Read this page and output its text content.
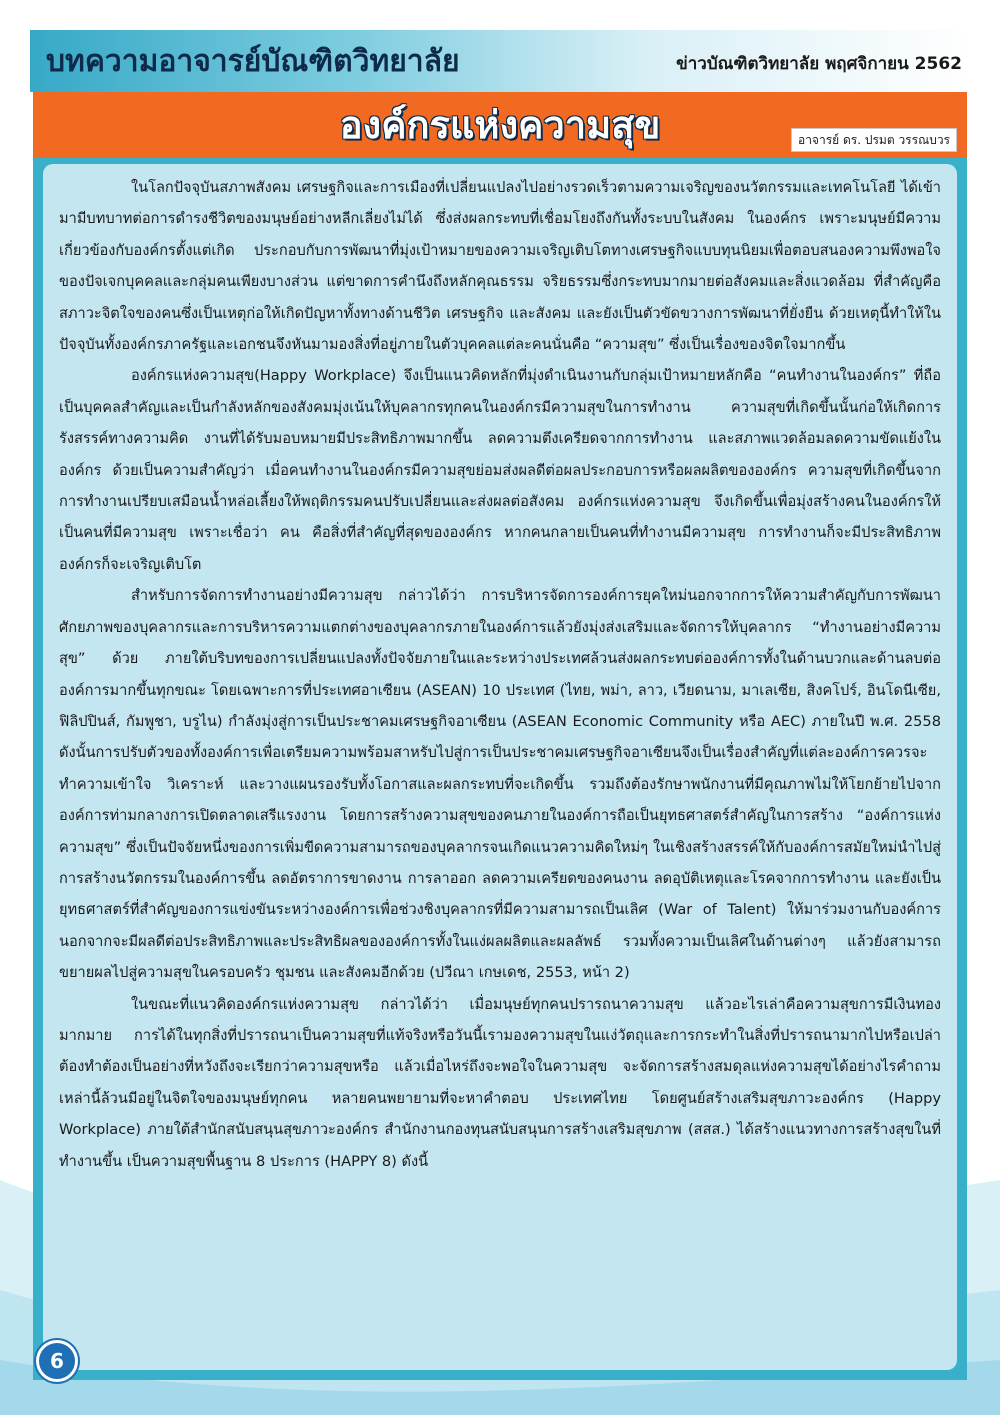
บทความอาจารย์บัณฑิตวิทยาลัย	ข่าวบัณฑิตวิทยาลัย พฤศจิกายน 2562
องค์กรแห่งความสุข	อาจารย์ ดร. ปรมต วรรณบวร

ในโลกปัจจุบันสภาพสังคม เศรษฐกิจและการเมืองที่เปลี่ยนแปลงไปอย่างรวดเร็วตามความเจริญของนวัตกรรมและเทคโนโลยี ได้เข้ามามีบทบาทต่อการดำรงชีวิตของมนุษย์อย่างหลีกเลี่ยงไม่ได้ ซึ่งส่งผลกระทบที่เชื่อมโยงถึงกันทั้งระบบในสังคม ในองค์กร เพราะมนุษย์มีความเกี่ยวข้องกับองค์กรตั้งแต่เกิด ประกอบกับการพัฒนาที่มุ่งเป้าหมายของความเจริญเติบโตทางเศรษฐกิจแบบทุนนิยมเพื่อตอบสนองความพึงพอใจของปัจเจกบุคคลและกลุ่มคนเพียงบางส่วน แต่ขาดการคำนึงถึงหลักคุณธรรม จริยธรรมซึ่งกระทบมากมายต่อสังคมและสิ่งแวดล้อม ที่สำคัญคือ สภาวะจิตใจของคนซึ่งเป็นเหตุก่อให้เกิดปัญหาทั้งทางด้านชีวิต เศรษฐกิจ และสังคม และยังเป็นตัวขัดขวางการพัฒนาที่ยั่งยืน ด้วยเหตุนี้ทำให้ในปัจจุบันทั้งองค์กรภาครัฐและเอกชนจึงหันมามองสิ่งที่อยู่ภายในตัวบุคคลแต่ละคนนั่นคือ “ความสุข” ซึ่งเป็นเรื่องของจิตใจมากขึ้น

องค์กรแห่งความสุข(Happy Workplace) จึงเป็นแนวคิดหลักที่มุ่งดำเนินงานกับกลุ่มเป้าหมายหลักคือ “คนทำงานในองค์กร” ที่ถือเป็นบุคคลสำคัญและเป็นกำลังหลักของสังคมมุ่งเน้นให้บุคลากรทุกคนในองค์กรมีความสุขในการทำงาน ความสุขที่เกิดขึ้นนั้นก่อให้เกิดการรังสรรค์ทางความคิด งานที่ได้รับมอบหมายมีประสิทธิภาพมากขึ้น ลดความตึงเครียดจากการทำงาน และสภาพแวดล้อมลดความขัดแย้งในองค์กร ด้วยเป็นความสำคัญว่า เมื่อคนทำงานในองค์กรมีความสุขย่อมส่งผลดีต่อผลประกอบการหรือผลผลิตขององค์กร ความสุขที่เกิดขึ้นจากการทำงานเปรียบเสมือนน้ำหล่อเลี้ยงให้พฤติกรรมคนปรับเปลี่ยนและส่งผลต่อสังคม องค์กรแห่งความสุข จึงเกิดขึ้นเพื่อมุ่งสร้างคนในองค์กรให้เป็นคนที่มีความสุข เพราะเชื่อว่า คน คือสิ่งที่สำคัญที่สุดขององค์กร หากคนกลายเป็นคนที่ทำงานมีความสุข การทำงานก็จะมีประสิทธิภาพองค์กรก็จะเจริญเติบโต

สำหรับการจัดการทำงานอย่างมีความสุข กล่าวได้ว่า การบริหารจัดการองค์การยุคใหม่นอกจากการให้ความสำคัญกับการพัฒนาศักยภาพของบุคลากรและการบริหารความแตกต่างของบุคลากรภายในองค์การแล้วยังมุ่งส่งเสริมและจัดการให้บุคลากร “ทำงานอย่างมีความสุข” ด้วย ภายใต้บริบทของการเปลี่ยนแปลงทั้งปัจจัยภายในและระหว่างประเทศล้วนส่งผลกระทบต่อองค์การทั้งในด้านบวกและด้านลบต่อองค์การมากขึ้นทุกขณะ โดยเฉพาะการที่ประเทศอาเซียน (ASEAN) 10 ประเทศ (ไทย, พม่า, ลาว, เวียดนาม, มาเลเซีย, สิงคโปร์, อินโดนีเซีย, ฟิลิปปินส์, กัมพูชา, บรูไน) กำลังมุ่งสู่การเป็นประชาคมเศรษฐกิจอาเซียน (ASEAN Economic Community หรือ AEC) ภายในปี พ.ศ. 2558 ดังนั้นการปรับตัวของทั้งองค์การเพื่อเตรียมความพร้อมสาหรับไปสู่การเป็นประชาคมเศรษฐกิจอาเซียนจึงเป็นเรื่องสำคัญที่แต่ละองค์การควรจะทำความเข้าใจ วิเคราะห์ และวางแผนรองรับทั้งโอกาสและผลกระทบที่จะเกิดขึ้น รวมถึงต้องรักษาพนักงานที่มีคุณภาพไม่ให้โยกย้ายไปจากองค์การท่ามกลางการเปิดตลาดเสรีแรงงาน โดยการสร้างความสุขของคนภายในองค์การถือเป็นยุทธศาสตร์สำคัญในการสร้าง “องค์การแห่งความสุข” ซึ่งเป็นปัจจัยหนึ่งของการเพิ่มขีดความสามารถของบุคลากรจนเกิดแนวความคิดใหม่ๆ ในเชิงสร้างสรรค์ให้กับองค์การสมัยใหม่นำไปสู่การสร้างนวัตกรรมในองค์การขึ้น ลดอัตราการขาดงาน การลาออก ลดความเครียดของคนงาน ลดอุบัติเหตุและโรคจากการทำงาน และยังเป็นยุทธศาสตร์ที่สำคัญของการแข่งขันระหว่างองค์การเพื่อช่วงชิงบุคลากรที่มีความสามารถเป็นเลิศ (War of Talent) ให้มาร่วมงานกับองค์การ นอกจากจะมีผลดีต่อประสิทธิภาพและประสิทธิผลขององค์การทั้งในแง่ผลผลิตและผลลัพธ์ รวมทั้งความเป็นเลิศในด้านต่างๆ แล้วยังสามารถขยายผลไปสู่ความสุขในครอบครัว ชุมชน และสังคมอีกด้วย (ปวีณา เกษเดช, 2553, หน้า 2)

ในขณะที่แนวคิดองค์กรแห่งความสุข กล่าวได้ว่า เมื่อมนุษย์ทุกคนปรารถนาความสุข แล้วอะไรเล่าคือความสุขการมีเงินทองมากมาย การได้ในทุกสิ่งที่ปรารถนาเป็นความสุขที่แท้จริงหรือวันนี้เรามองความสุขในแง่วัตถุและการกระทำในสิ่งที่ปรารถนามากไปหรือเปล่าต้องทำต้องเป็นอย่างที่หวังถึงจะเรียกว่าความสุขหรือ แล้วเมื่อไหร่ถึงจะพอใจในความสุข จะจัดการสร้างสมดุลแห่งความสุขได้อย่างไรคำถามเหล่านี้ล้วนมีอยู่ในจิตใจของมนุษย์ทุกคน หลายคนพยายามที่จะหาคำตอบ ประเทศไทย โดยศูนย์สร้างเสริมสุขภาวะองค์กร (Happy Workplace) ภายใต้สำนักสนับสนุนสุขภาวะองค์กร สำนักงานกองทุนสนับสนุนการสร้างเสริมสุขภาพ (สสส.) ได้สร้างแนวทางการสร้างสุขในที่ทำงานขึ้น เป็นความสุขพื้นฐาน 8 ประการ (HAPPY 8) ดังนี้

6
